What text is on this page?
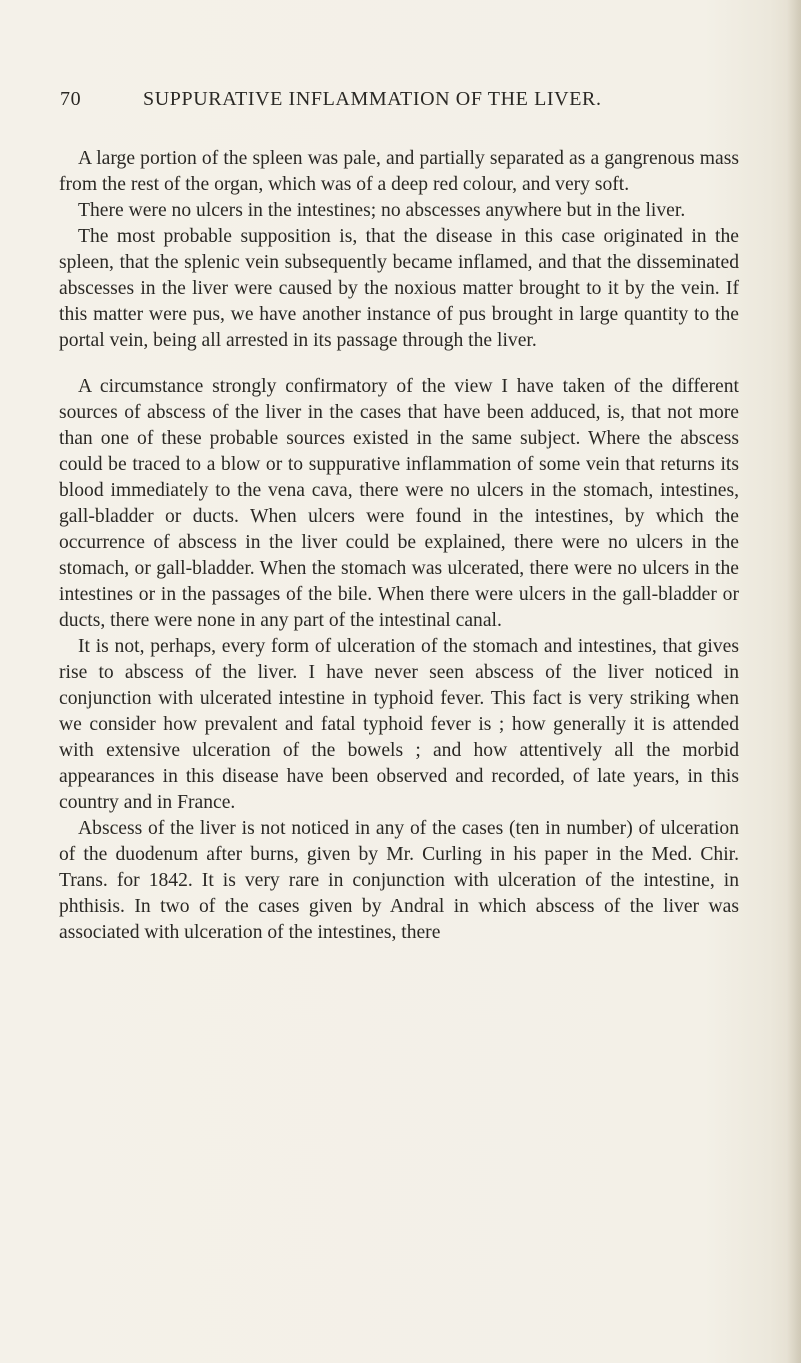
70	SUPPURATIVE INFLAMMATION OF THE LIVER.

A large portion of the spleen was pale, and partially separated as a gangrenous mass from the rest of the organ, which was of a deep red colour, and very soft.

There were no ulcers in the intestines; no abscesses anywhere but in the liver.

The most probable supposition is, that the disease in this case originated in the spleen, that the splenic vein subsequently became inflamed, and that the disseminated abscesses in the liver were caused by the noxious matter brought to it by the vein. If this matter were pus, we have another instance of pus brought in large quantity to the portal vein, being all arrested in its passage through the liver.

A circumstance strongly confirmatory of the view I have taken of the different sources of abscess of the liver in the cases that have been adduced, is, that not more than one of these probable sources existed in the same subject. Where the abscess could be traced to a blow or to suppurative inflammation of some vein that returns its blood immediately to the vena cava, there were no ulcers in the stomach, intestines, gall-bladder or ducts. When ulcers were found in the intestines, by which the occurrence of abscess in the liver could be explained, there were no ulcers in the stomach, or gall-bladder. When the stomach was ulcerated, there were no ulcers in the intestines or in the passages of the bile. When there were ulcers in the gall-bladder or ducts, there were none in any part of the intestinal canal.

It is not, perhaps, every form of ulceration of the stomach and intestines, that gives rise to abscess of the liver. I have never seen abscess of the liver noticed in conjunction with ulcerated intestine in typhoid fever. This fact is very striking when we consider how prevalent and fatal typhoid fever is ; how generally it is attended with extensive ulceration of the bowels ; and how attentively all the morbid appearances in this disease have been observed and recorded, of late years, in this country and in France.

Abscess of the liver is not noticed in any of the cases (ten in number) of ulceration of the duodenum after burns, given by Mr. Curling in his paper in the Med. Chir. Trans. for 1842. It is very rare in conjunction with ulceration of the intestine, in phthisis. In two of the cases given by Andral in which abscess of the liver was associated with ulceration of the intestines, there
